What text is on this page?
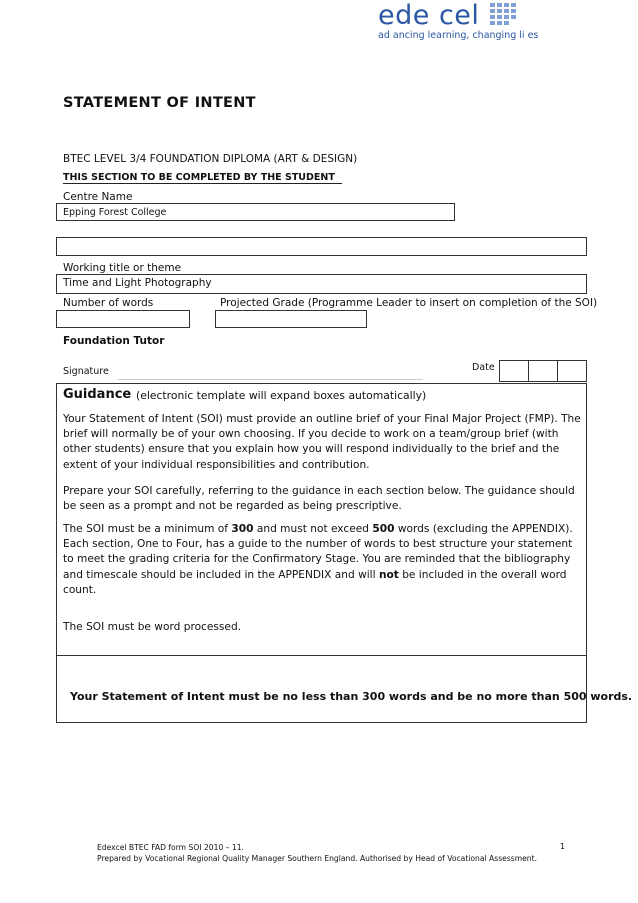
ede cel
ad ancing learning, changing li es
STATEMENT OF INTENT
BTEC LEVEL 3/4 FOUNDATION DIPLOMA (ART & DESIGN)
THIS SECTION TO BE COMPLETED BY THE STUDENT
Centre Name
Epping Forest College
Working title or theme
Time and Light Photography
Number of words	Projected Grade (Programme Leader to insert on completion of the SOI)
Foundation Tutor
Signature	Date
Guidance (electronic template will expand boxes automatically)
Your Statement of Intent (SOI) must provide an outline brief of your Final Major Project (FMP). The brief will normally be of your own choosing. If you decide to work on a team/group brief (with other students) ensure that you explain how you will respond individually to the brief and the extent of your individual responsibilities and contribution.
Prepare your SOI carefully, referring to the guidance in each section below. The guidance should be seen as a prompt and not be regarded as being prescriptive.
The SOI must be a minimum of 300 and must not exceed 500 words (excluding the APPENDIX). Each section, One to Four, has a guide to the number of words to best structure your statement to meet the grading criteria for the Confirmatory Stage. You are reminded that the bibliography and timescale should be included in the APPENDIX and will not be included in the overall word count.
The SOI must be word processed.
Your Statement of Intent must be no less than 300 words and be no more than 500 words.
Edexcel BTEC FAD form SOI 2010 – 11.
Prepared by Vocational Regional Quality Manager Southern England. Authorised by Head of Vocational Assessment.
1
